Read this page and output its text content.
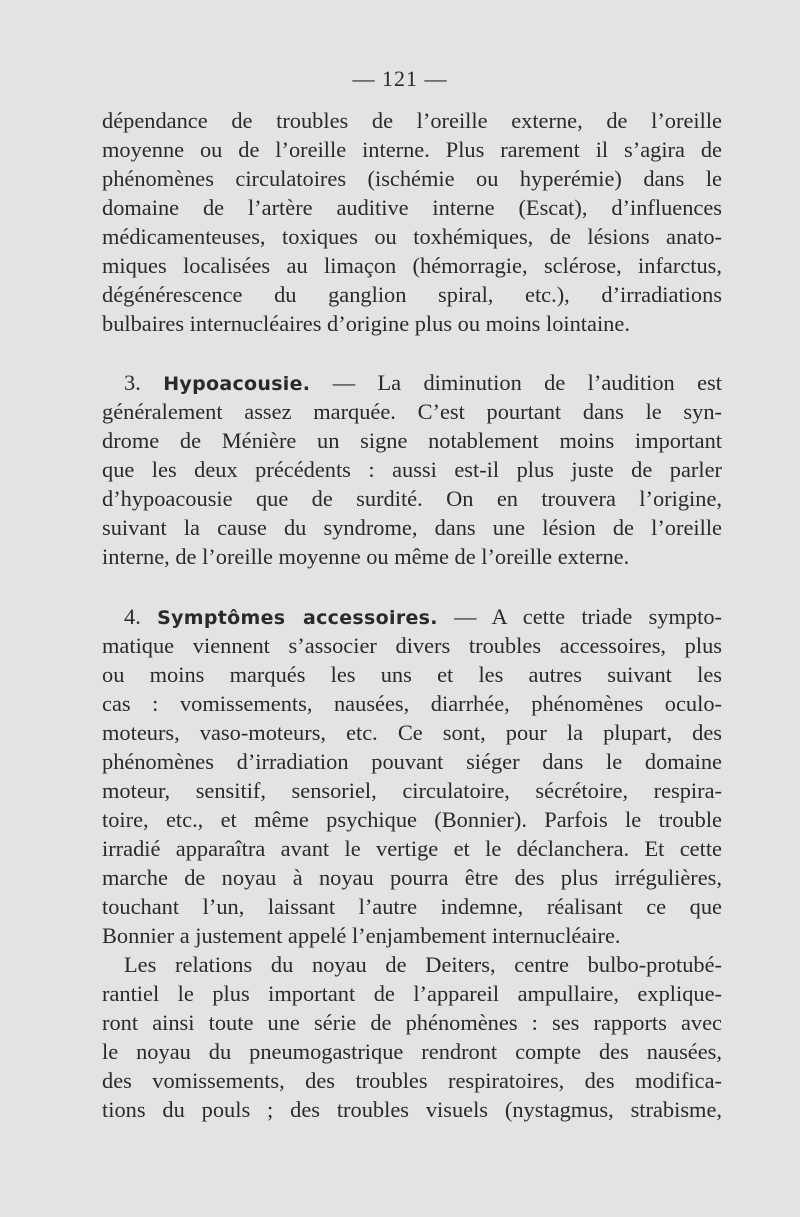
— 121 —
dépendance de troubles de l’oreille externe, de l’oreille
moyenne ou de l’oreille interne. Plus rarement il s’agira de
phénomènes circulatoires (ischémie ou hyperémie) dans le
domaine de l’artère auditive interne (Escat), d’influences
médicamenteuses, toxiques ou toxhémiques, de lésions anato-
miques localisées au limaçon (hémorragie, sclérose, infarctus,
dégénérescence du ganglion spiral, etc.), d’irradiations
bulbaires internucléaires d’origine plus ou moins lointaine.
3. Hypoacousie. — La diminution de l’audition est
généralement assez marquée. C’est pourtant dans le syn-
drome de Ménière un signe notablement moins important
que les deux précédents : aussi est-il plus juste de parler
d’hypoacousie que de surdité. On en trouvera l’origine,
suivant la cause du syndrome, dans une lésion de l’oreille
interne, de l’oreille moyenne ou même de l’oreille externe.
4. Symptômes accessoires. — A cette triade sympto-
matique viennent s’associer divers troubles accessoires, plus
ou moins marqués les uns et les autres suivant les
cas : vomissements, nausées, diarrhée, phénomènes oculo-
moteurs, vaso-moteurs, etc. Ce sont, pour la plupart, des
phénomènes d’irradiation pouvant siéger dans le domaine
moteur, sensitif, sensoriel, circulatoire, sécrétoire, respira-
toire, etc., et même psychique (Bonnier). Parfois le trouble
irradié apparaîtra avant le vertige et le déclanchera. Et cette
marche de noyau à noyau pourra être des plus irrégulières,
touchant l’un, laissant l’autre indemne, réalisant ce que
Bonnier a justement appelé l’enjambement internucléaire.
Les relations du noyau de Deiters, centre bulbo-protubé-
rantiel le plus important de l’appareil ampullaire, explique-
ront ainsi toute une série de phénomènes : ses rapports avec
le noyau du pneumogastrique rendront compte des nausées,
des vomissements, des troubles respiratoires, des modifica-
tions du pouls ; des troubles visuels (nystagmus, strabisme,
